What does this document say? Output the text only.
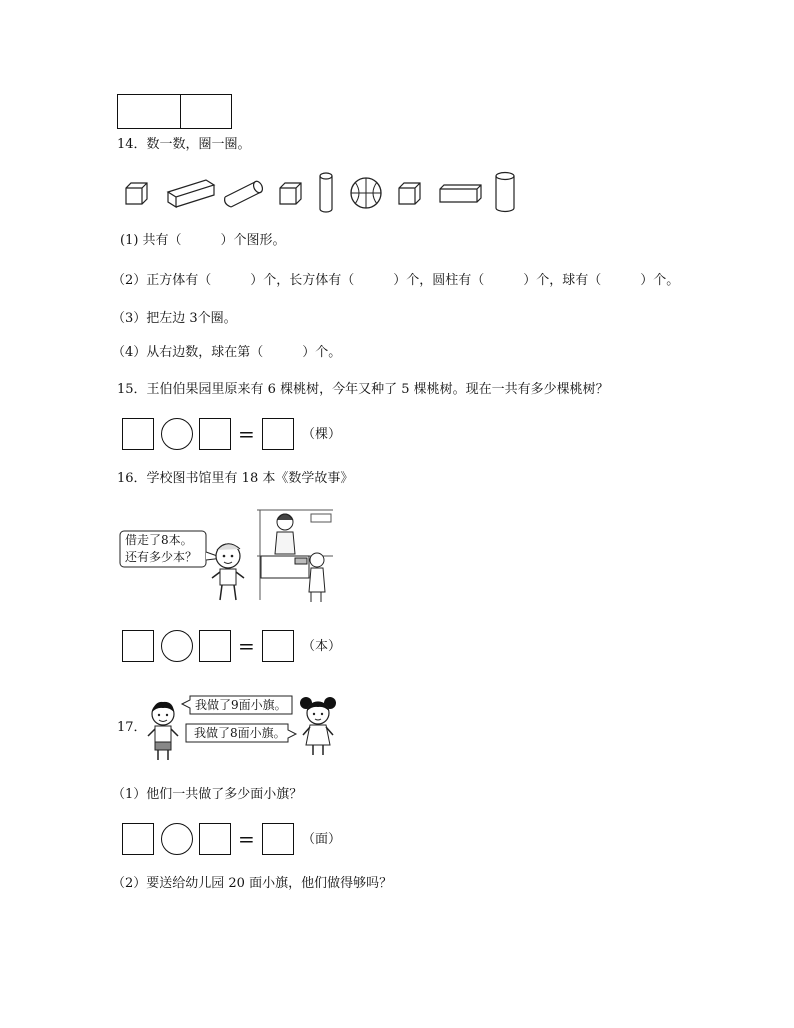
14．数一数，圈一圈。
(1) 共有（　　　）个图形。
（2）正方体有（　　　）个，长方体有（　　　）个，圆柱有（　　　）个，球有（　　　）个。
（3）把左边 3个圈。
（4）从右边数，球在第（　　　）个。
15．王伯伯果园里原来有 6 棵桃树，今年又种了 5 棵桃树。现在一共有多少棵桃树？
=	（棵）
16．学校图书馆里有 18 本《数学故事》
借走了8本。
还有多少本？
=	（本）
17．
我做了9面小旗。
我做了8面小旗。
（1）他们一共做了多少面小旗？
=	（面）
（2）要送给幼儿园 20 面小旗，他们做得够吗？
